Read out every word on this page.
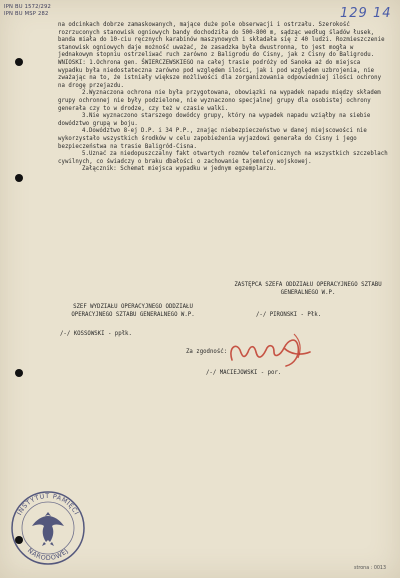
IPN BU 1572/292
IPN BU MSP 282	129 14

na odcinkach dobrze zamaskowanych, mające duże pole obserwacji i ostrzału. Szerokość rozrzuconych stanowisk ogniowych bandy dochodziła do 500-800 m, sądząc według śladów łusek, banda miała do 10-ciu ręcznych karabinów maszynowych i składała się z 40 ludzi. Rozmieszczenie stanowisk ogniowych daje możność uważać, że zasadzka była dwustronna, to jest mogła w jednakowym stopniu ostrzeliwać ruch zarówno z Baligrodu do Cisny, jak z Cisny do Baligrodu.

WNIOSKI: 1.Ochrona gen. ŚWIERCZEWSKIEGO na całej trasie podróży od Sanoka aż do miejsca wypadku była niedostateczna zarówno pod względem ilości, jak i pod względem uzbrojenia, nie zważając na to, że istniały większe możliwości dla zorganizowania odpowiedniej ilości ochrony na drogę przejazdu.

2.Wyznaczona ochrona nie była przygotowana, obowiązki na wypadek napadu między składem grupy ochronnej nie były podzielone, nie wyznaczono specjalnej grupy dla osobistej ochrony generała czy to w drodze, czy też w czasie walki.

3.Nie wyznaczono starszego dowódcy grupy, który na wypadek napadu wziąłby na siebie dowództwo grupą w boju.

4.Dowództwo 8-ej D.P. i 34 P.P., znając niebezpieczeństwo w danej miejscowości nie wykorzystało wszystkich środków w celu zapobieżenia wyjazdowi generała do Cisny i jego bezpieczeństwa na trasie Baligród-Cisna.

5.Uznać za niedopuszczalny fakt otwartych rozmów telefonicznych na wszystkich szczeblach cywilnych, co świadczy o braku dbałości o zachowanie tajemnicy wojskowej.

Załącznik: Schemat miejsca wypadku w jednym egzemplarzu.

SZEF WYDZIAŁU OPERACYJNEGO ODDZIAŁU OPERACYJNEGO SZTABU GENERALNEGO W.P.
/-/ KOSSOWSKI - ppłk.
ZASTĘPCA SZEFA ODDZIAŁU OPERACYJNEGO SZTABU GENERALNEGO W.P.
/-/ PIRONSKI - Płk.
Za zgodność:
/-/ MACIEJOWSKI - por.
INSTYTUT PAMIĘCI
NARODOWEJ
strona : 0013
